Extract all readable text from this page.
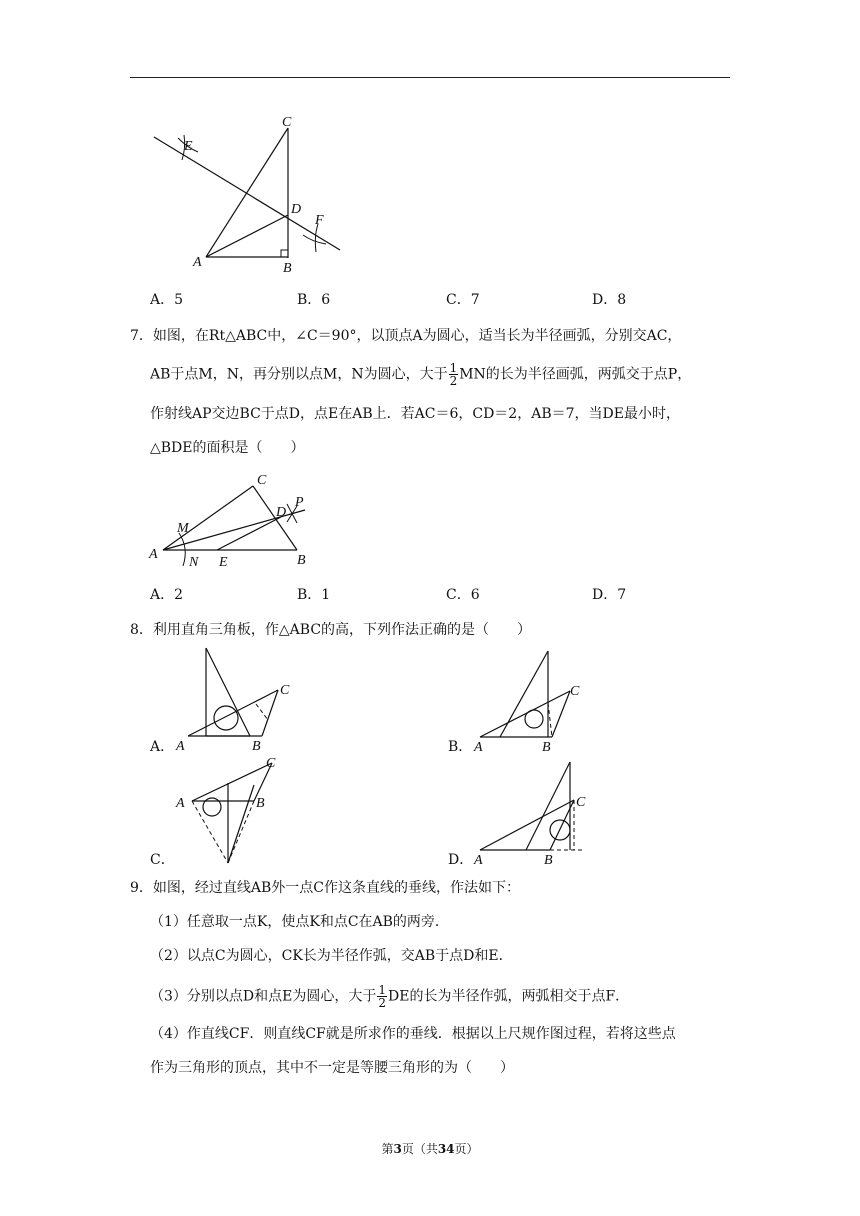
C
E
D
F
A	B
A．5	B．6	C．7	D．8
7．如图，在Rt△ABC中，∠C＝90°，以顶点A为圆心，适当长为半径画弧，分别交AC，
AB于点M，N，再分别以点M，N为圆心，大于 $\frac{1}{2}$ MN的长为半径画弧，两弧交于点P，
作射线AP交边BC于点D，点E在AB上．若AC＝6，CD＝2，AB＝7，当DE最小时，
△BDE的面积是（　　）
C
P
D
M
A
N E	B
A．2	B．1	C．6	D．7
8．利用直角三角板，作△ABC的高，下列作法正确的是（　　）
C
A	B
A．
C
A	B
B．
C
A	B
C．
C
A	B
D．
9．如图，经过直线AB外一点C作这条直线的垂线，作法如下：
（1）任意取一点K，使点K和点C在AB的两旁．
（2）以点C为圆心，CK长为半径作弧，交AB于点D和E．
（3）分别以点D和点E为圆心，大于 $\frac{1}{2}$ DE的长为半径作弧，两弧相交于点F．
（4）作直线CF．则直线CF就是所求作的垂线．根据以上尺规作图过程，若将这些点
作为三角形的顶点，其中不一定是等腰三角形的为（　　）
第3页（共34页）
